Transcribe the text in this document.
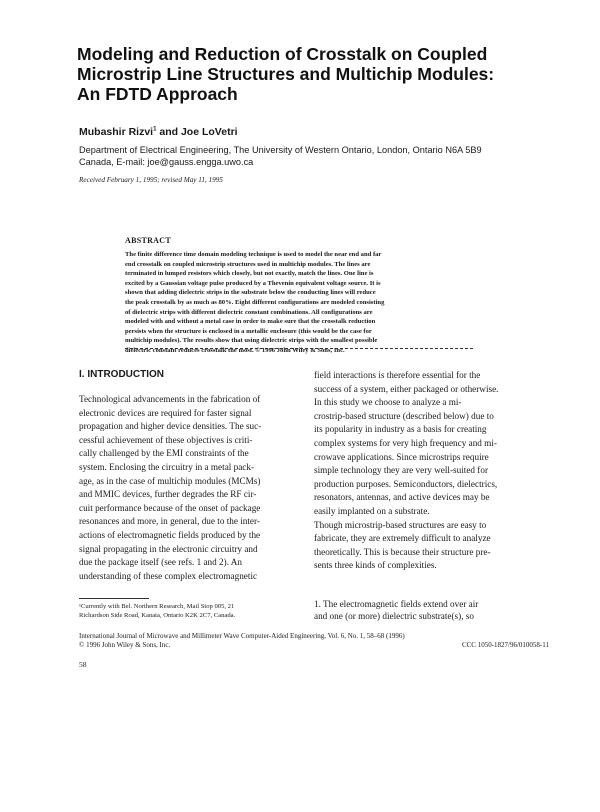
Modeling and Reduction of Crosstalk on Coupled
Microstrip Line Structures and Multichip Modules:
An FDTD Approach
Mubashir Rizvi$^1$ and Joe LoVetri
Department of Electrical Engineering, The University of Western Ontario, London, Ontario N6A 5B9
Canada, E-mail: joe@gauss.engga.uwo.ca
Received February 1, 1995; revised May 11, 1995
ABSTRACT
The finite difference time domain modeling technique is used to model the near end and far
end crosstalk on coupled microstrip structures used in multichip modules. The lines are
terminated in lumped resistors which closely, but not exactly, match the lines. One line is
excited by a Gaussian voltage pulse produced by a Thevenin equivalent voltage source. It is
shown that adding dielectric strips in the substrate below the conducting lines will reduce
the peak crosstalk by as much as 80%. Eight different configurations are modeled consisting
of dielectric strips with different dielectric constant combinations. All configurations are
modeled with and without a metal case in order to make sure that the crosstalk reduction
persists when the structure is enclosed in a metallic enclosure (this would be the case for
multichip modules). The results show that using dielectric strips with the smallest possible
dielectric constant reduces crosstalk the most. © 1996 John Wiley & Sons, Inc.
I. INTRODUCTION
Technological advancements in the fabrication of
electronic devices are required for faster signal
propagation and higher device densities. The suc-
cessful achievement of these objectives is criti-
cally challenged by the EMI constraints of the
system. Enclosing the circuitry in a metal pack-
age, as in the case of multichip modules (MCMs)
and MMIC devices, further degrades the RF cir-
cuit performance because of the onset of package
resonances and more, in general, due to the inter-
actions of electromagnetic fields produced by the
signal propagating in the electronic circuitry and
due the package itself (see refs. 1 and 2). An
understanding of these complex electromagnetic
field interactions is therefore essential for the
success of a system, either packaged or otherwise.
In this study we choose to analyze a mi-
crostrip-based structure (described below) due to
its popularity in industry as a basis for creating
complex systems for very high frequency and mi-
crowave applications. Since microstrips require
simple technology they are very well-suited for
production purposes. Semiconductors, dielectrics,
resonators, antennas, and active devices may be
easily implanted on a substrate.
Though microstrip-based structures are easy to
fabricate, they are extremely difficult to analyze
theoretically. This is because their structure pre-
sents three kinds of complexities.
¹Currently with Bel. Northern Research, Mail Stop 005, 21
Richardson Side Road, Kanata, Ontario K2K 2C7, Canada.
1. The electromagnetic fields extend over air
and one (or more) dielectric substrate(s), so
International Journal of Microwave and Millimeter Wave Computer-Aided Engineering, Vol. 6, No. 1, 58–68 (1996)
© 1996 John Wiley & Sons, Inc.	CCC 1050-1827/96/010058-11
58
